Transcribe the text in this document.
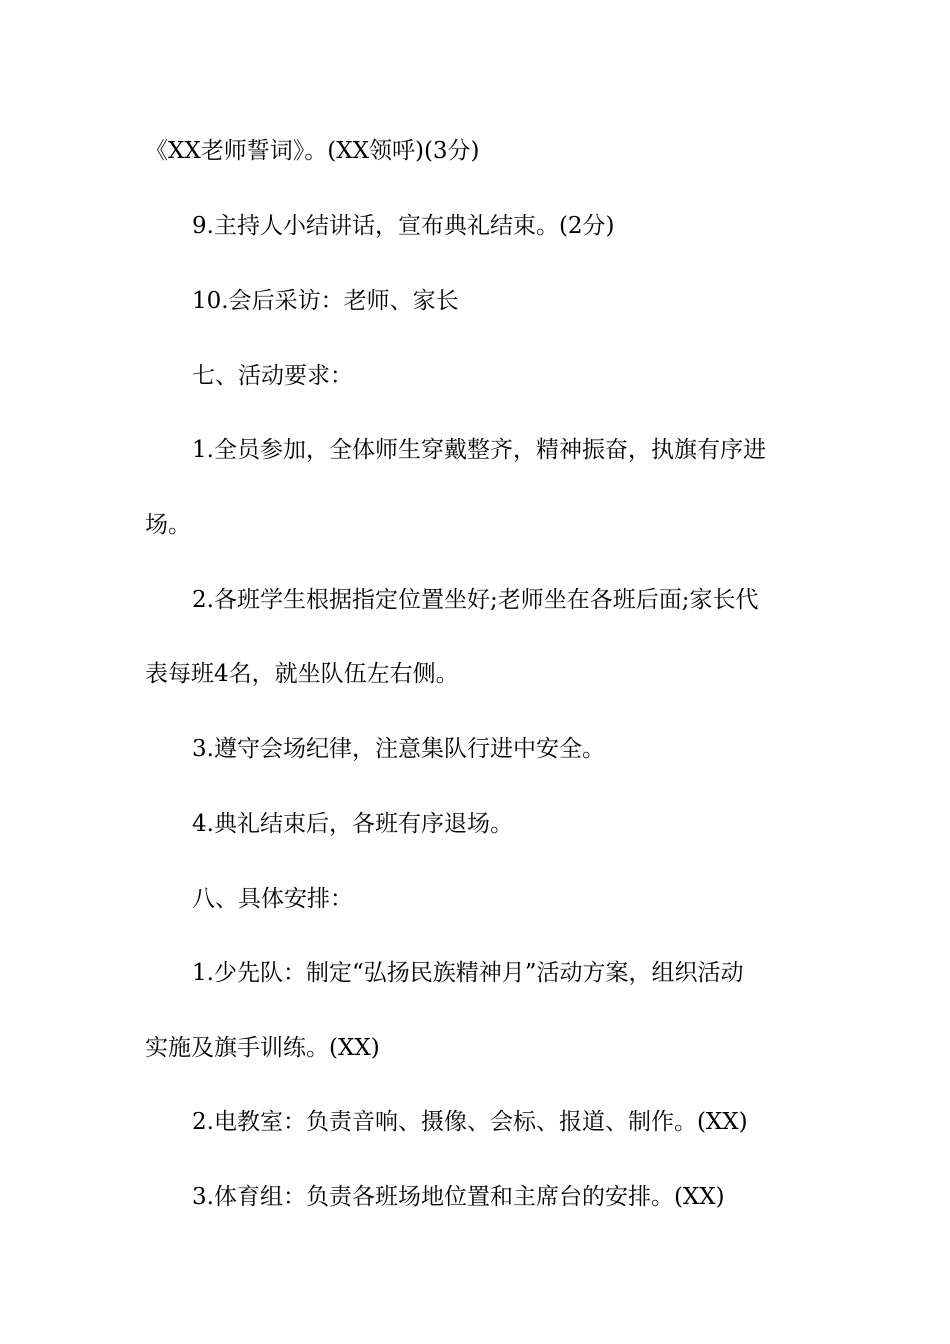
《XX老师誓词》。(XX领呼)(3分)
9.主持人小结讲话，宣布典礼结束。(2分)
10.会后采访：老师、家长
七、活动要求：
1.全员参加，全体师生穿戴整齐，精神振奋，执旗有序进
场。
2.各班学生根据指定位置坐好;老师坐在各班后面;家长代
表每班4名，就坐队伍左右侧。
3.遵守会场纪律，注意集队行进中安全。
4.典礼结束后，各班有序退场。
八、具体安排：
1.少先队：制定“弘扬民族精神月”活动方案，组织活动
实施及旗手训练。(XX)
2.电教室：负责音响、摄像、会标、报道、制作。(XX)
3.体育组：负责各班场地位置和主席台的安排。(XX)
